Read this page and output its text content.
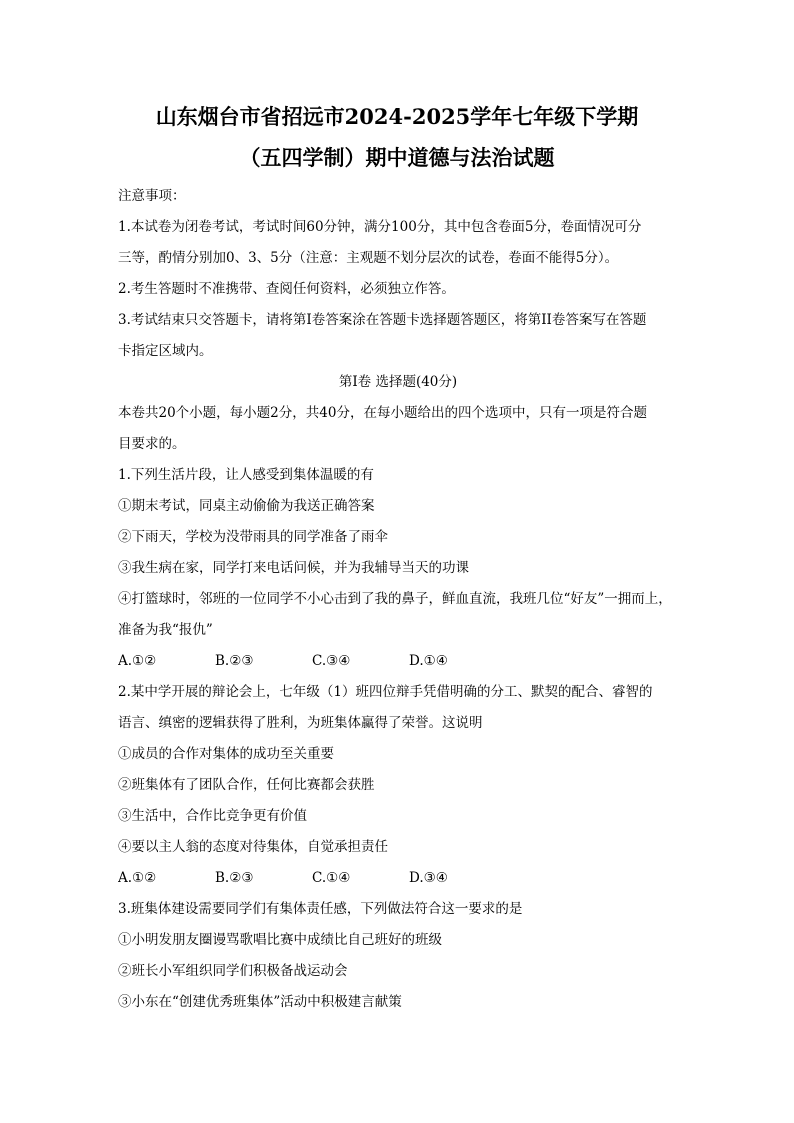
山东烟台市省招远市2024-2025学年七年级下学期
（五四学制）期中道德与法治试题
注意事项：
1.本试卷为闭卷考试，考试时间60分钟，满分100分，其中包含卷面5分，卷面情况可分
三等，酌情分别加0、3、5分（注意：主观题不划分层次的试卷，卷面不能得5分）。
2.考生答题时不准携带、查阅任何资料，必须独立作答。
3.考试结束只交答题卡，请将第I卷答案涂在答题卡选择题答题区，将第II卷答案写在答题
卡指定区域内。
第I卷 选择题(40分)
本卷共20个小题，每小题2分，共40分，在每小题给出的四个选项中，只有一项是符合题
目要求的。
1.下列生活片段，让人感受到集体温暖的有
①期末考试，同桌主动偷偷为我送正确答案
②下雨天，学校为没带雨具的同学准备了雨伞
③我生病在家，同学打来电话问候，并为我辅导当天的功课
④打篮球时，邻班的一位同学不小心击到了我的鼻子，鲜血直流，我班几位“好友”一拥而上，
准备为我“报仇”
A.①②	B.②③	C.③④	D.①④
2.某中学开展的辩论会上，七年级（1）班四位辩手凭借明确的分工、默契的配合、睿智的
语言、缜密的逻辑获得了胜利，为班集体赢得了荣誉。这说明
①成员的合作对集体的成功至关重要
②班集体有了团队合作，任何比赛都会获胜
③生活中，合作比竞争更有价值
④要以主人翁的态度对待集体，自觉承担责任
A.①②	B.②③	C.①④	D.③④
3.班集体建设需要同学们有集体责任感，下列做法符合这一要求的是
①小明发朋友圈谩骂歌唱比赛中成绩比自己班好的班级
②班长小军组织同学们积极备战运动会
③小东在“创建优秀班集体”活动中积极建言献策
